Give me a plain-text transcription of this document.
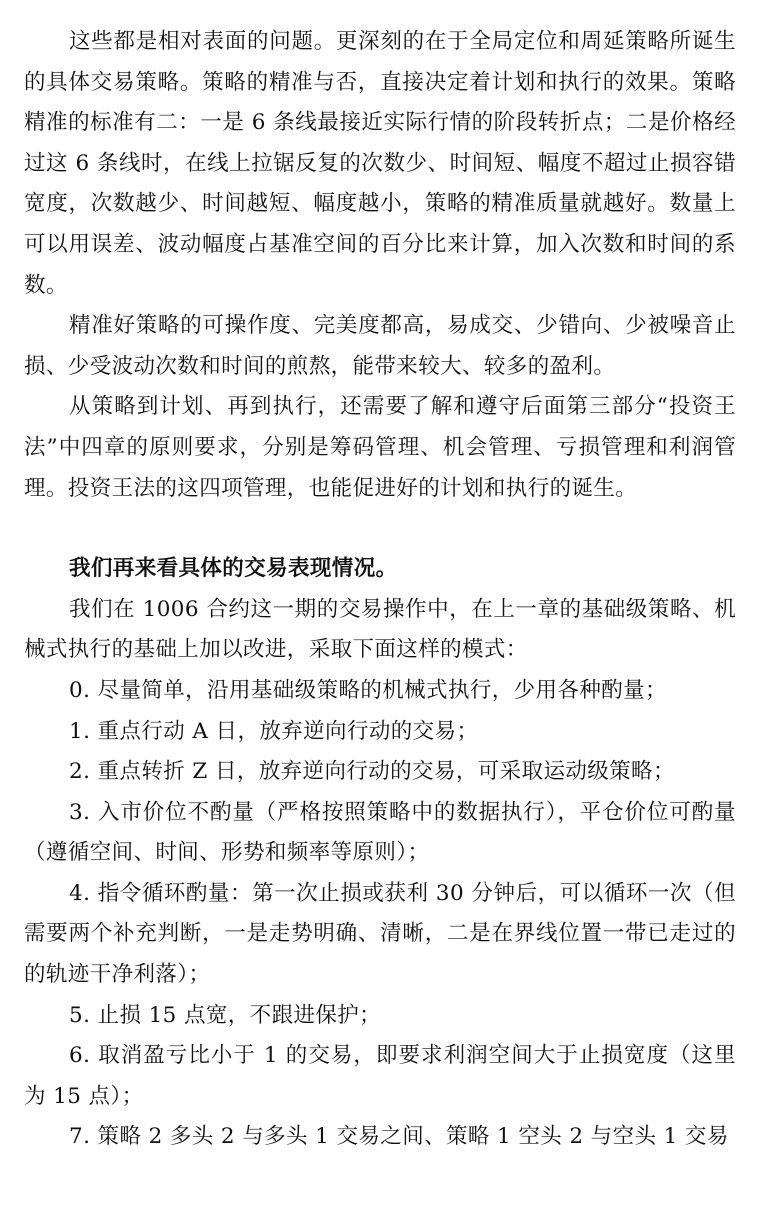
这些都是相对表面的问题。更深刻的在于全局定位和周延策略所诞生的具体交易策略。策略的精准与否，直接决定着计划和执行的效果。策略精准的标准有二：一是 6 条线最接近实际行情的阶段转折点；二是价格经过这 6 条线时，在线上拉锯反复的次数少、时间短、幅度不超过止损容错宽度，次数越少、时间越短、幅度越小，策略的精准质量就越好。数量上可以用误差、波动幅度占基准空间的百分比来计算，加入次数和时间的系数。

精准好策略的可操作度、完美度都高，易成交、少错向、少被噪音止损、少受波动次数和时间的煎熬，能带来较大、较多的盈利。

从策略到计划、再到执行，还需要了解和遵守后面第三部分“投资王法”中四章的原则要求，分别是筹码管理、机会管理、亏损管理和利润管理。投资王法的这四项管理，也能促进好的计划和执行的诞生。

我们再来看具体的交易表现情况。

我们在 1006 合约这一期的交易操作中，在上一章的基础级策略、机械式执行的基础上加以改进，采取下面这样的模式：

0. 尽量简单，沿用基础级策略的机械式执行，少用各种酌量；

1. 重点行动 A 日，放弃逆向行动的交易；

2. 重点转折 Z 日，放弃逆向行动的交易，可采取运动级策略；

3. 入市价位不酌量（严格按照策略中的数据执行），平仓价位可酌量（遵循空间、时间、形势和频率等原则）；

4. 指令循环酌量：第一次止损或获利 30 分钟后，可以循环一次（但需要两个补充判断，一是走势明确、清晰，二是在界线位置一带已走过的的轨迹干净利落）；

5. 止损 15 点宽，不跟进保护；

6. 取消盈亏比小于 1 的交易，即要求利润空间大于止损宽度（这里为 15 点）；

7. 策略 2 多头 2 与多头 1 交易之间、策略 1 空头 2 与空头 1 交易
